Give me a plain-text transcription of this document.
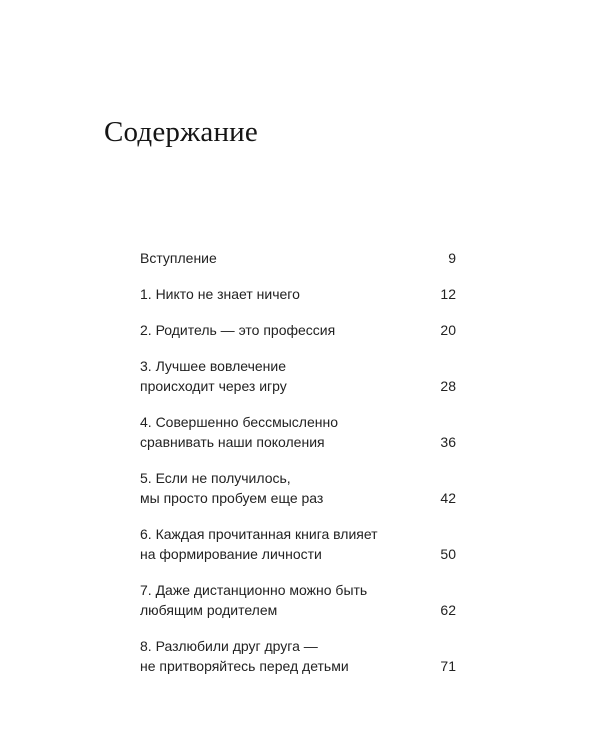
Содержание
Вступление	9
1. Никто не знает ничего	12
2. Родитель — это профессия	20
3. Лучшее вовлечение
происходит через игру	28
4. Совершенно бессмысленно
сравнивать наши поколения	36
5. Если не получилось,
мы просто пробуем еще раз	42
6. Каждая прочитанная книга влияет
на формирование личности	50
7. Даже дистанционно можно быть
любящим родителем	62
8. Разлюбили друг друга —
не притворяйтесь перед детьми	71
